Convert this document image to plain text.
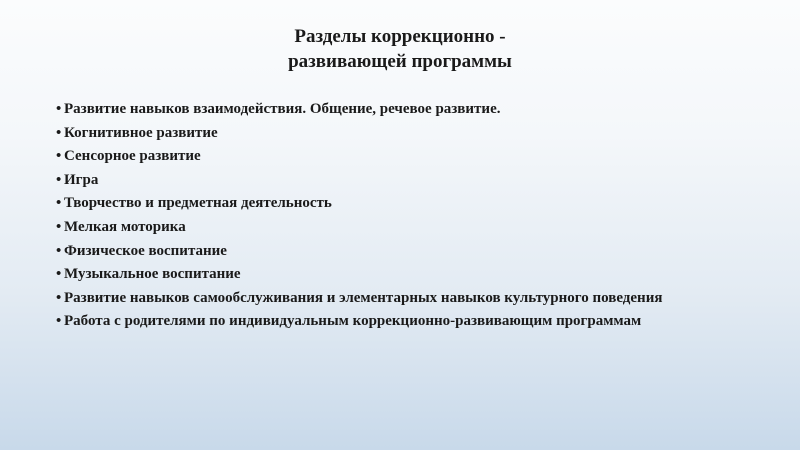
Разделы коррекционно -
развивающей программы
• Развитие навыков взаимодействия. Общение, речевое развитие.
• Когнитивное развитие
• Сенсорное развитие
• Игра
• Творчество и предметная деятельность
• Мелкая моторика
• Физическое воспитание
• Музыкальное воспитание
• Развитие навыков самообслуживания и элементарных навыков культурного поведения
• Работа с родителями по индивидуальным коррекционно-развивающим программам
